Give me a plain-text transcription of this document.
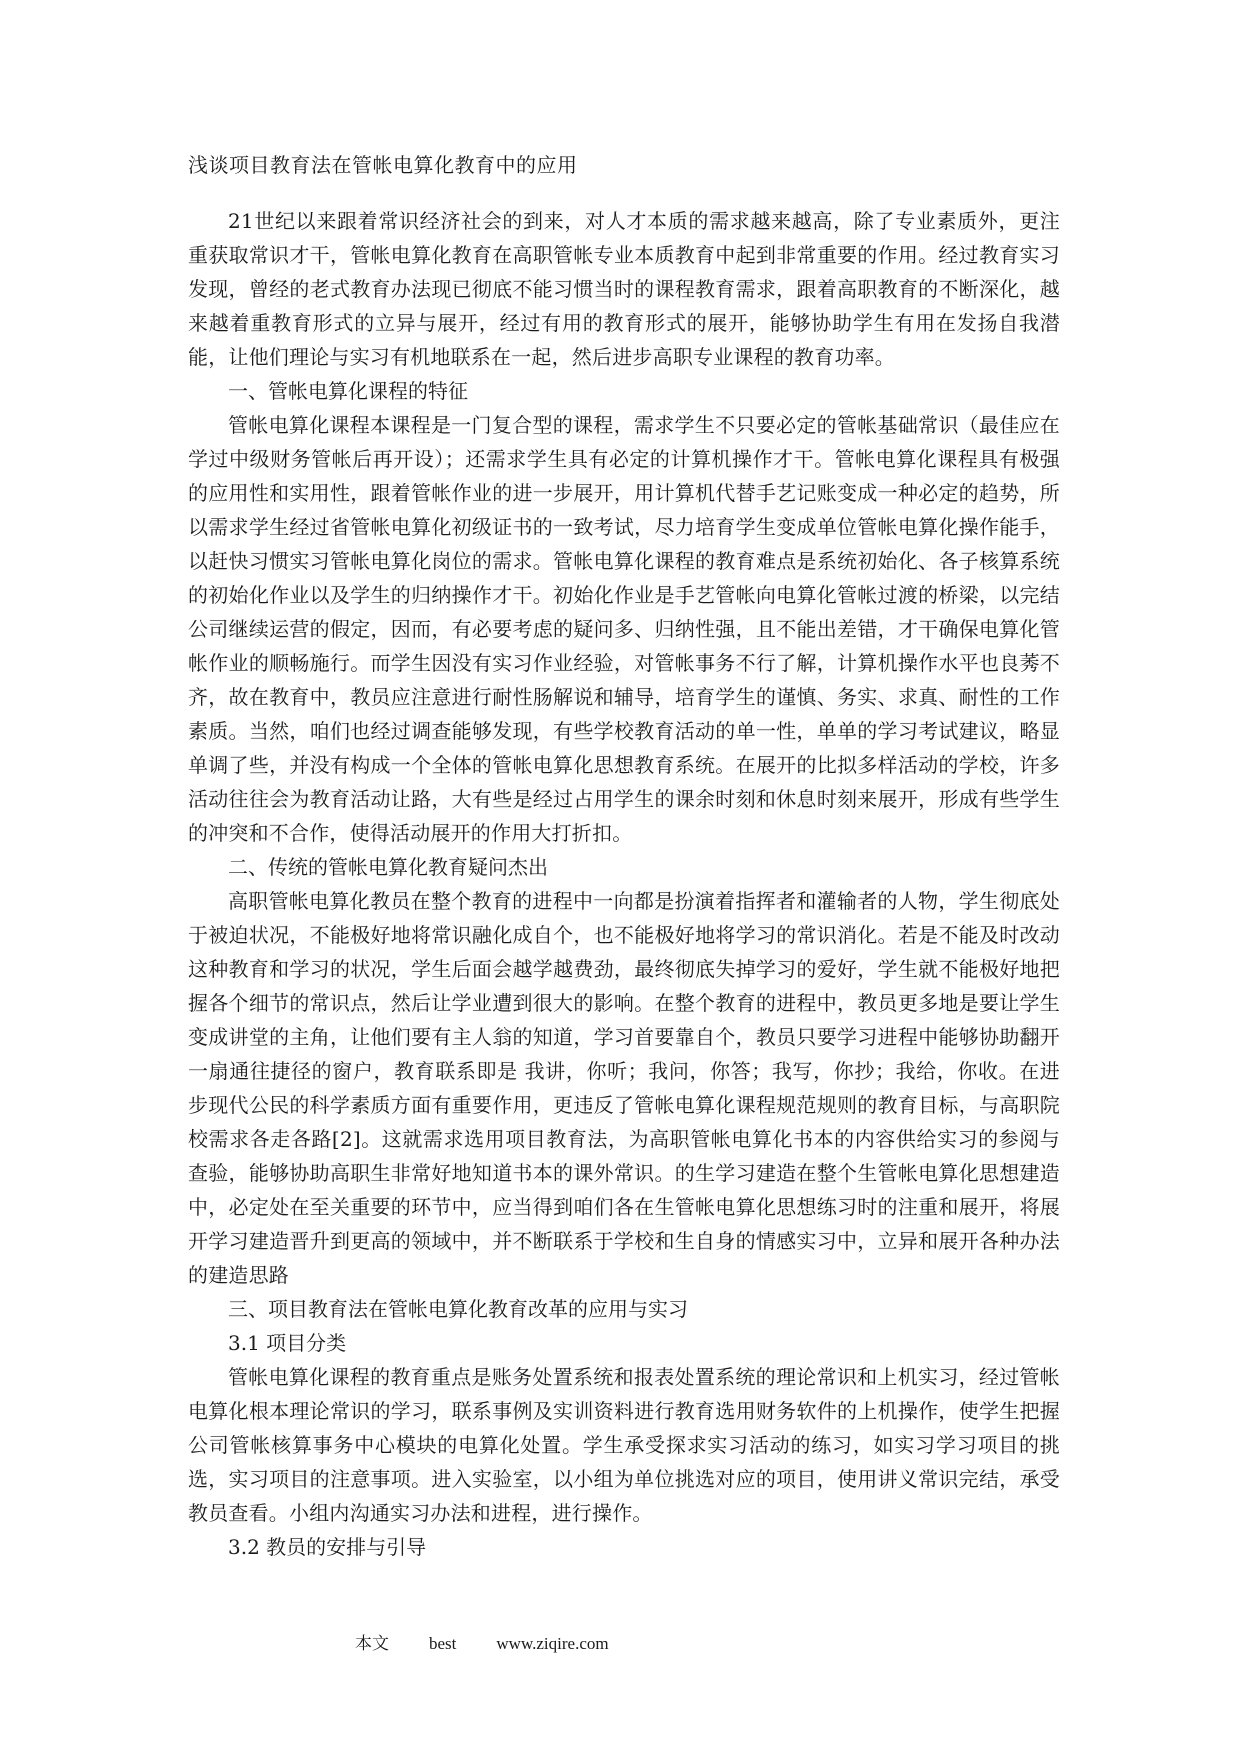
浅谈项目教育法在管帐电算化教育中的应用

21世纪以来跟着常识经济社会的到来，对人才本质的需求越来越高，除了专业素质外，更注重获取常识才干，管帐电算化教育在高职管帐专业本质教育中起到非常重要的作用。经过教育实习发现，曾经的老式教育办法现已彻底不能习惯当时的课程教育需求，跟着高职教育的不断深化，越来越着重教育形式的立异与展开，经过有用的教育形式的展开，能够协助学生有用在发扬自我潜能，让他们理论与实习有机地联系在一起，然后进步高职专业课程的教育功率。

一、管帐电算化课程的特征

管帐电算化课程本课程是一门复合型的课程，需求学生不只要必定的管帐基础常识（最佳应在学过中级财务管帐后再开设）；还需求学生具有必定的计算机操作才干。管帐电算化课程具有极强的应用性和实用性，跟着管帐作业的进一步展开，用计算机代替手艺记账变成一种必定的趋势，所以需求学生经过省管帐电算化初级证书的一致考试，尽力培育学生变成单位管帐电算化操作能手，以赶快习惯实习管帐电算化岗位的需求。管帐电算化课程的教育难点是系统初始化、各子核算系统的初始化作业以及学生的归纳操作才干。初始化作业是手艺管帐向电算化管帐过渡的桥梁，以完结公司继续运营的假定，因而，有必要考虑的疑问多、归纳性强，且不能出差错，才干确保电算化管帐作业的顺畅施行。而学生因没有实习作业经验，对管帐事务不行了解，计算机操作水平也良莠不齐，故在教育中，教员应注意进行耐性肠解说和辅导，培育学生的谨慎、务实、求真、耐性的工作素质。当然，咱们也经过调查能够发现，有些学校教育活动的单一性，单单的学习考试建议，略显单调了些，并没有构成一个全体的管帐电算化思想教育系统。在展开的比拟多样活动的学校，许多活动往往会为教育活动让路，大有些是经过占用学生的课余时刻和休息时刻来展开，形成有些学生的冲突和不合作，使得活动展开的作用大打折扣。

二、传统的管帐电算化教育疑问杰出

高职管帐电算化教员在整个教育的进程中一向都是扮演着指挥者和灌输者的人物，学生彻底处于被迫状况，不能极好地将常识融化成自个，也不能极好地将学习的常识消化。若是不能及时改动这种教育和学习的状况，学生后面会越学越费劲，最终彻底失掉学习的爱好，学生就不能极好地把握各个细节的常识点，然后让学业遭到很大的影响。在整个教育的进程中，教员更多地是要让学生变成讲堂的主角，让他们要有主人翁的知道，学习首要靠自个，教员只要学习进程中能够协助翻开一扇通往捷径的窗户，教育联系即是 我讲，你听；我问，你答；我写，你抄；我给，你收。在进步现代公民的科学素质方面有重要作用，更违反了管帐电算化课程规范规则的教育目标，与高职院校需求各走各路[2]。这就需求选用项目教育法，为高职管帐电算化书本的内容供给实习的参阅与查验，能够协助高职生非常好地知道书本的课外常识。的生学习建造在整个生管帐电算化思想建造中，必定处在至关重要的环节中，应当得到咱们各在生管帐电算化思想练习时的注重和展开，将展开学习建造晋升到更高的领域中，并不断联系于学校和生自身的情感实习中，立异和展开各种办法的建造思路

三、项目教育法在管帐电算化教育改革的应用与实习

3.1 项目分类

管帐电算化课程的教育重点是账务处置系统和报表处置系统的理论常识和上机实习，经过管帐电算化根本理论常识的学习，联系事例及实训资料进行教育选用财务软件的上机操作，使学生把握公司管帐核算事务中心模块的电算化处置。学生承受探求实习活动的练习，如实习学习项目的挑选，实习项目的注意事项。进入实验室，以小组为单位挑选对应的项目，使用讲义常识完结，承受教员查看。小组内沟通实习办法和进程，进行操作。

3.2 教员的安排与引导

本文 best www.ziqire.com
